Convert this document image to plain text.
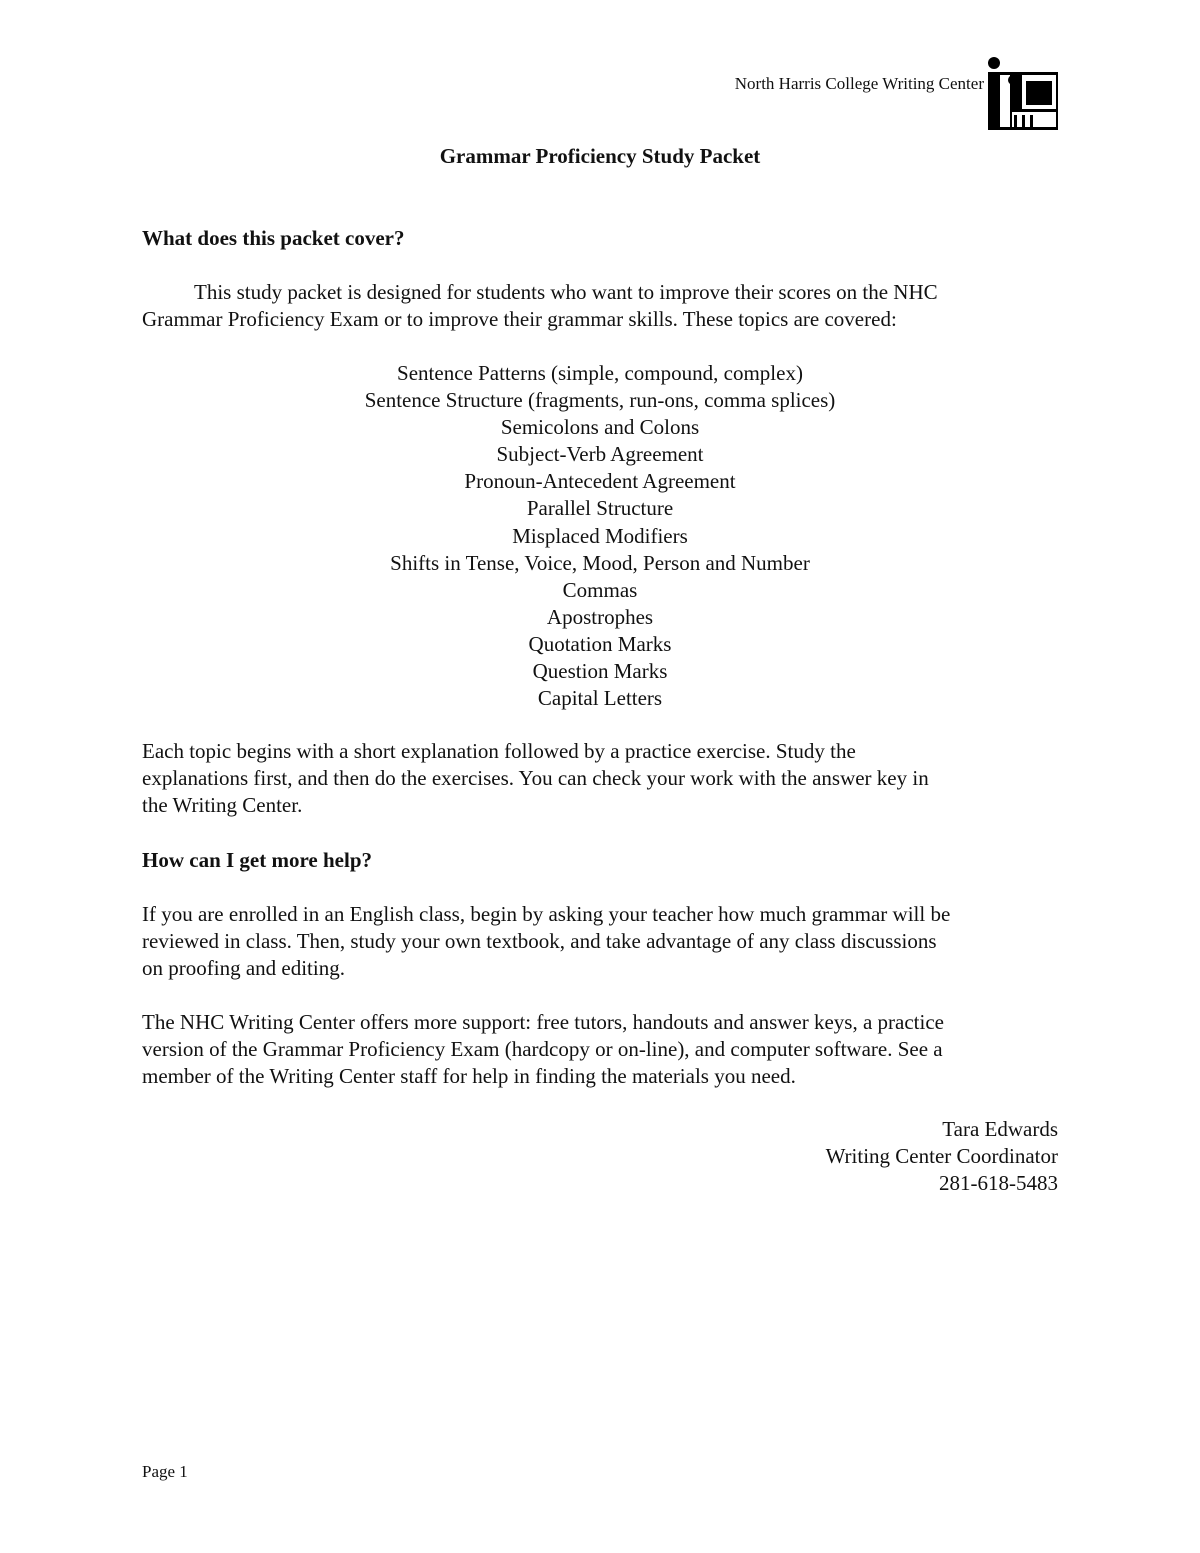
North Harris College Writing Center
Grammar Proficiency Study Packet
What does this packet cover?

This study packet is designed for students who want to improve their scores on the NHC
Grammar Proficiency Exam or to improve their grammar skills. These topics are covered:

Sentence Patterns (simple, compound, complex)
Sentence Structure (fragments, run-ons, comma splices)
Semicolons and Colons
Subject-Verb Agreement
Pronoun-Antecedent Agreement
Parallel Structure
Misplaced Modifiers
Shifts in Tense, Voice, Mood, Person and Number
Commas
Apostrophes
Quotation Marks
Question Marks
Capital Letters

Each topic begins with a short explanation followed by a practice exercise. Study the
explanations first, and then do the exercises. You can check your work with the answer key in
the Writing Center.

How can I get more help?

If you are enrolled in an English class, begin by asking your teacher how much grammar will be
reviewed in class. Then, study your own textbook, and take advantage of any class discussions
on proofing and editing.

The NHC Writing Center offers more support: free tutors, handouts and answer keys, a practice
version of the Grammar Proficiency Exam (hardcopy or on-line), and computer software. See a
member of the Writing Center staff for help in finding the materials you need.

Tara Edwards
Writing Center Coordinator
281-618-5483
Page 1
